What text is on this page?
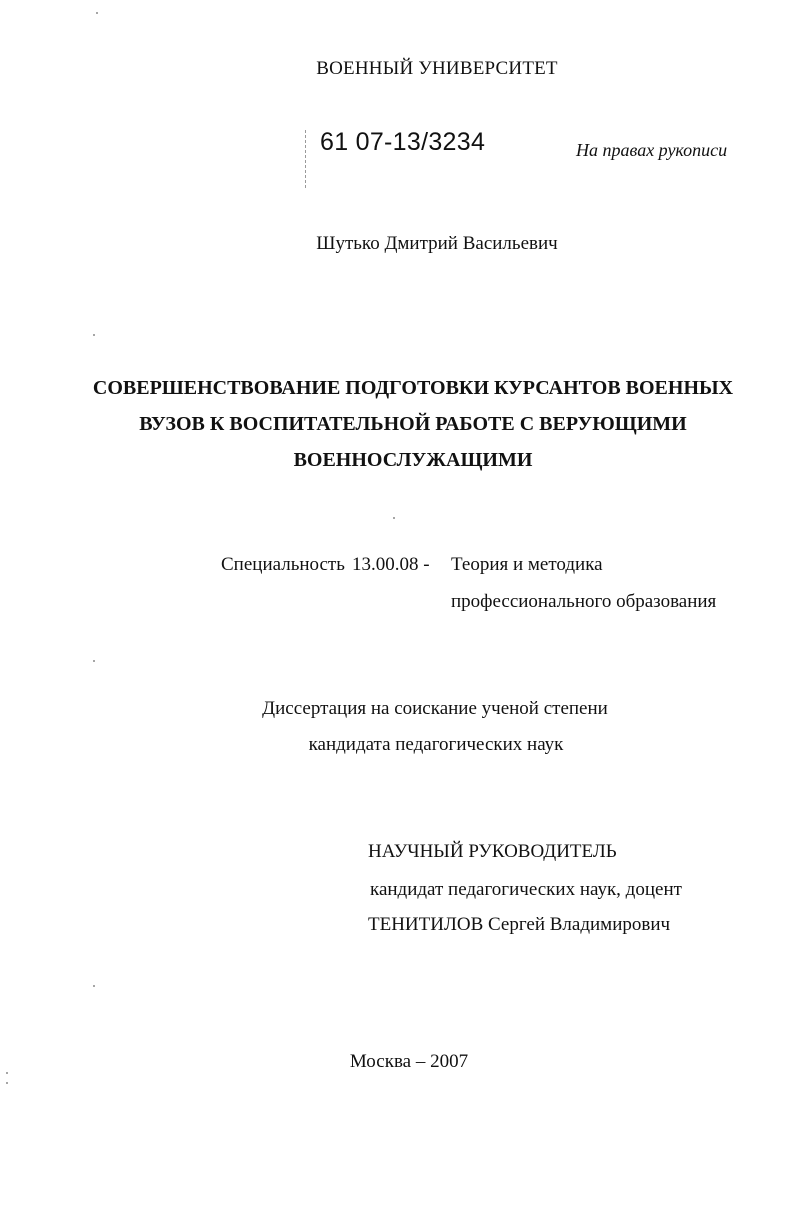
ВОЕННЫЙ УНИВЕРСИТЕТ
61 07-13/3234	На правах рукописи
Шутько Дмитрий Васильевич
СОВЕРШЕНСТВОВАНИЕ ПОДГОТОВКИ КУРСАНТОВ ВОЕННЫХ
ВУЗОВ К ВОСПИТАТЕЛЬНОЙ РАБОТЕ С ВЕРУЮЩИМИ
ВОЕННОСЛУЖАЩИМИ
Специальность 13.00.08 - Теория и методика
профессионального образования
Диссертация на соискание ученой степени
кандидата педагогических наук
НАУЧНЫЙ РУКОВОДИТЕЛЬ
кандидат педагогических наук, доцент
ТЕНИТИЛОВ Сергей Владимирович
Москва – 2007
